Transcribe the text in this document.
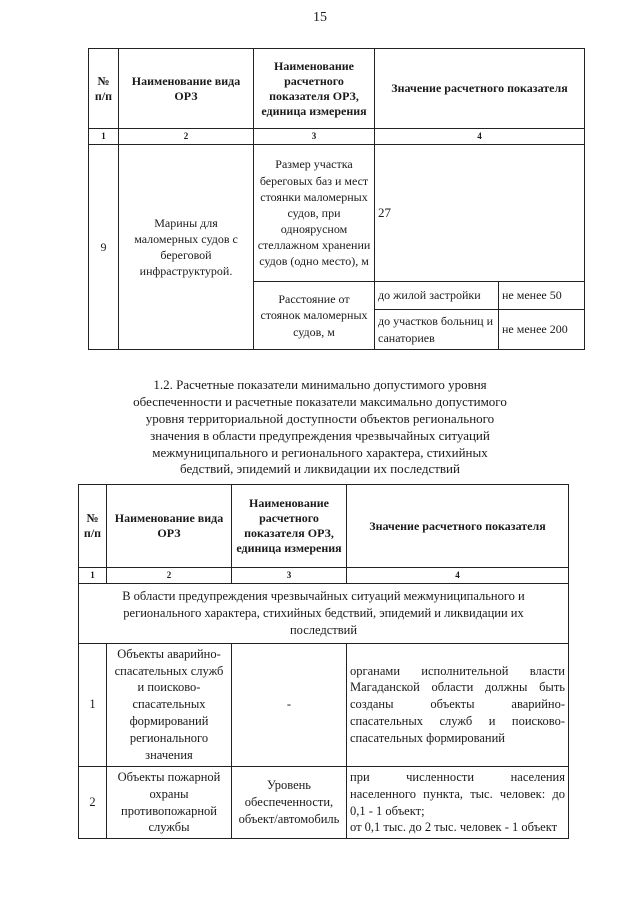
15
№ п/п	Наименование вида ОРЗ	Наименование расчетного показателя ОРЗ, единица измерения	Значение расчетного показателя	
1	2	3	4	
9	Марины для маломерных судов с береговой инфраструктурой.	Размер участка береговых баз и мест стоянки маломерных судов, при одноярусном стеллажном хранении судов (одно место), м	27	
		Расстояние от стоянок маломерных судов, м	до жилой застройки	не менее 50
			до участков больниц и санаториев	не менее 200
1.2. Расчетные показатели минимально допустимого уровня обеспеченности и расчетные показатели максимально допустимого уровня территориальной доступности объектов регионального значения в области предупреждения чрезвычайных ситуаций межмуниципального и регионального характера, стихийных бедствий, эпидемий и ликвидации их последствий
№ п/п	Наименование вида ОРЗ	Наименование расчетного показателя ОРЗ, единица измерения	Значение расчетного показателя
1	2	3	4
В области предупреждения чрезвычайных ситуаций межмуниципального и регионального характера, стихийных бедствий, эпидемий и ликвидации их последствий			
1	Объекты аварийно-спасательных служб и поисково-спасательных формирований регионального значения	-	органами исполнительной власти Магаданской области должны быть созданы объекты аварийно-спасательных служб и поисково-спасательных формирований
2	Объекты пожарной охраны противопожарной службы	Уровень обеспеченности, объект/автомобиль	при численности населения населенного пункта, тыс. человек: до 0,1 - 1 объект;
от 0,1 тыс. до 2 тыс. человек - 1 объект
